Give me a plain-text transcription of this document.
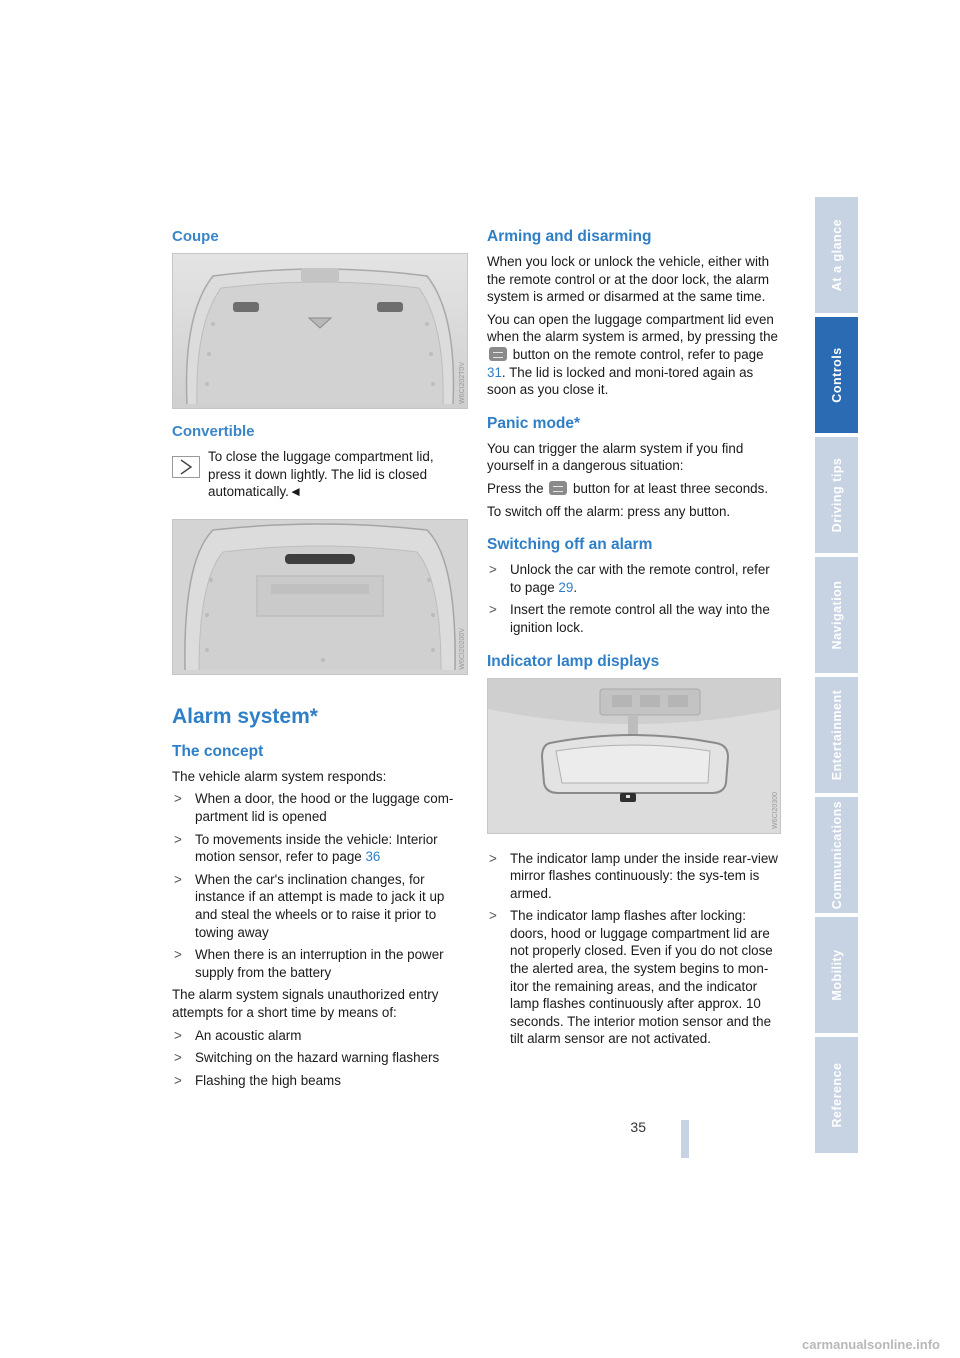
Coupe
W6CI202T0V
Convertible

To close the luggage compartment lid,

press it down lightly. The lid is closed

automatically.◄

W6CI20200V
Alarm system*
The concept

The vehicle alarm system responds:

> When a door, the hood or the luggage com-partment lid is opened
> To movements inside the vehicle: Interior motion sensor, refer to page 36
> When the car's inclination changes, for instance if an attempt is made to jack it up and steal the wheels or to raise it prior to towing away
> When there is an interruption in the power supply from the battery

The alarm system signals unauthorized entry attempts for a short time by means of:

> An acoustic alarm
> Switching on the hazard warning flashers
> Flashing the high beams
Arming and disarming

When you lock or unlock the vehicle, either with the remote control or at the door lock, the alarm system is armed or disarmed at the same time.

You can open the luggage compartment lid even when the alarm system is armed, by pressing the  button on the remote control, refer to page 31. The lid is locked and moni-tored again as soon as you close it.

Panic mode*

You can trigger the alarm system if you find yourself in a dangerous situation:

Press the  button for at least three seconds.

To switch off the alarm: press any button.

Switching off an alarm
> Unlock the car with the remote control, refer to page 29.
> Insert the remote control all the way into the ignition lock.
Indicator lamp displays
W6CI20300
> The indicator lamp under the inside rear-view mirror flashes continuously: the sys-tem is armed.
> The indicator lamp flashes after locking: doors, hood or luggage compartment lid are not properly closed. Even if you do not close the alerted area, the system begins to mon-itor the remaining areas, and the indicator lamp flashes continuously after approx. 10 seconds. The interior motion sensor and the tilt alarm sensor are not activated.
At a glance
Controls
Driving tips
Navigation
Entertainment
Communications
Mobility
Reference
35
carmanualsonline.info
